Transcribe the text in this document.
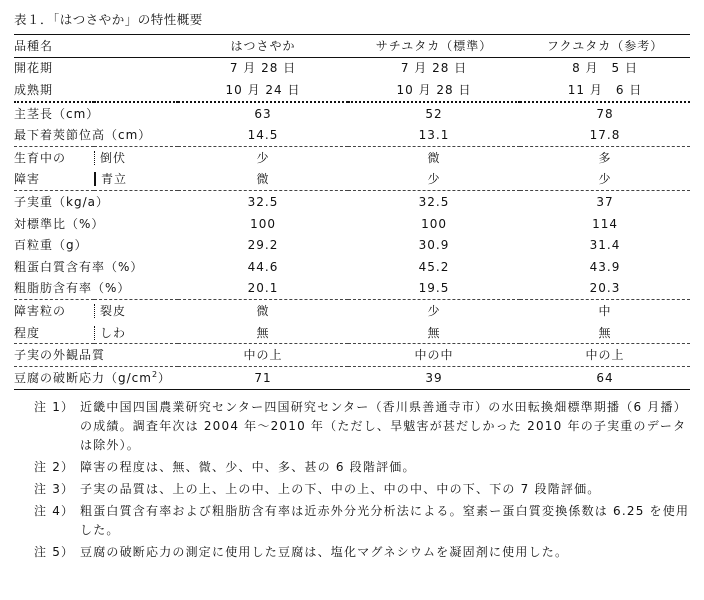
表１．「はつさやか」の特性概要
品種名		はつさやか	サチユタカ（標準）	フクユタカ（参考）
開花期		7 月 28 日	7 月 28 日	8 月　5 日
成熟期		10 月 24 日	10 月 28 日	11 月　6 日
主茎長（cm）		63	52	78
最下着莢節位高（cm）		14.5	13.1	17.8
生育中の	倒伏	少	微	多
障害	青立	微	少	少
子実重（kg/a）		32.5	32.5	37
対標準比（%）		100	100	114
百粒重（g）		29.2	30.9	31.4
粗蛋白質含有率（%）		44.6	45.2	43.9
粗脂肪含有率（%）		20.1	19.5	20.3
障害粒の	裂皮	微	少	中
程度	しわ	無	無	無
子実の外観品質		中の上	中の中	中の上
豆腐の破断応力$(g/cm^2)$		71	39	64
注 1） 近畿中国四国農業研究センター四国研究センター（香川県善通寺市）の水田転換畑標準期播（6 月播）の成績。調査年次は 2004 年〜2010 年（ただし、旱魃害が甚だしかった 2010 年の子実重のデータは除外）。
注 2） 障害の程度は、無、微、少、中、多、甚の 6 段階評価。
注 3） 子実の品質は、上の上、上の中、上の下、中の上、中の中、中の下、下の 7 段階評価。
注 4） 粗蛋白質含有率および粗脂肪含有率は近赤外分光分析法による。窒素ー蛋白質変換係数は 6.25 を使用した。
注 5） 豆腐の破断応力の測定に使用した豆腐は、塩化マグネシウムを凝固剤に使用した。
